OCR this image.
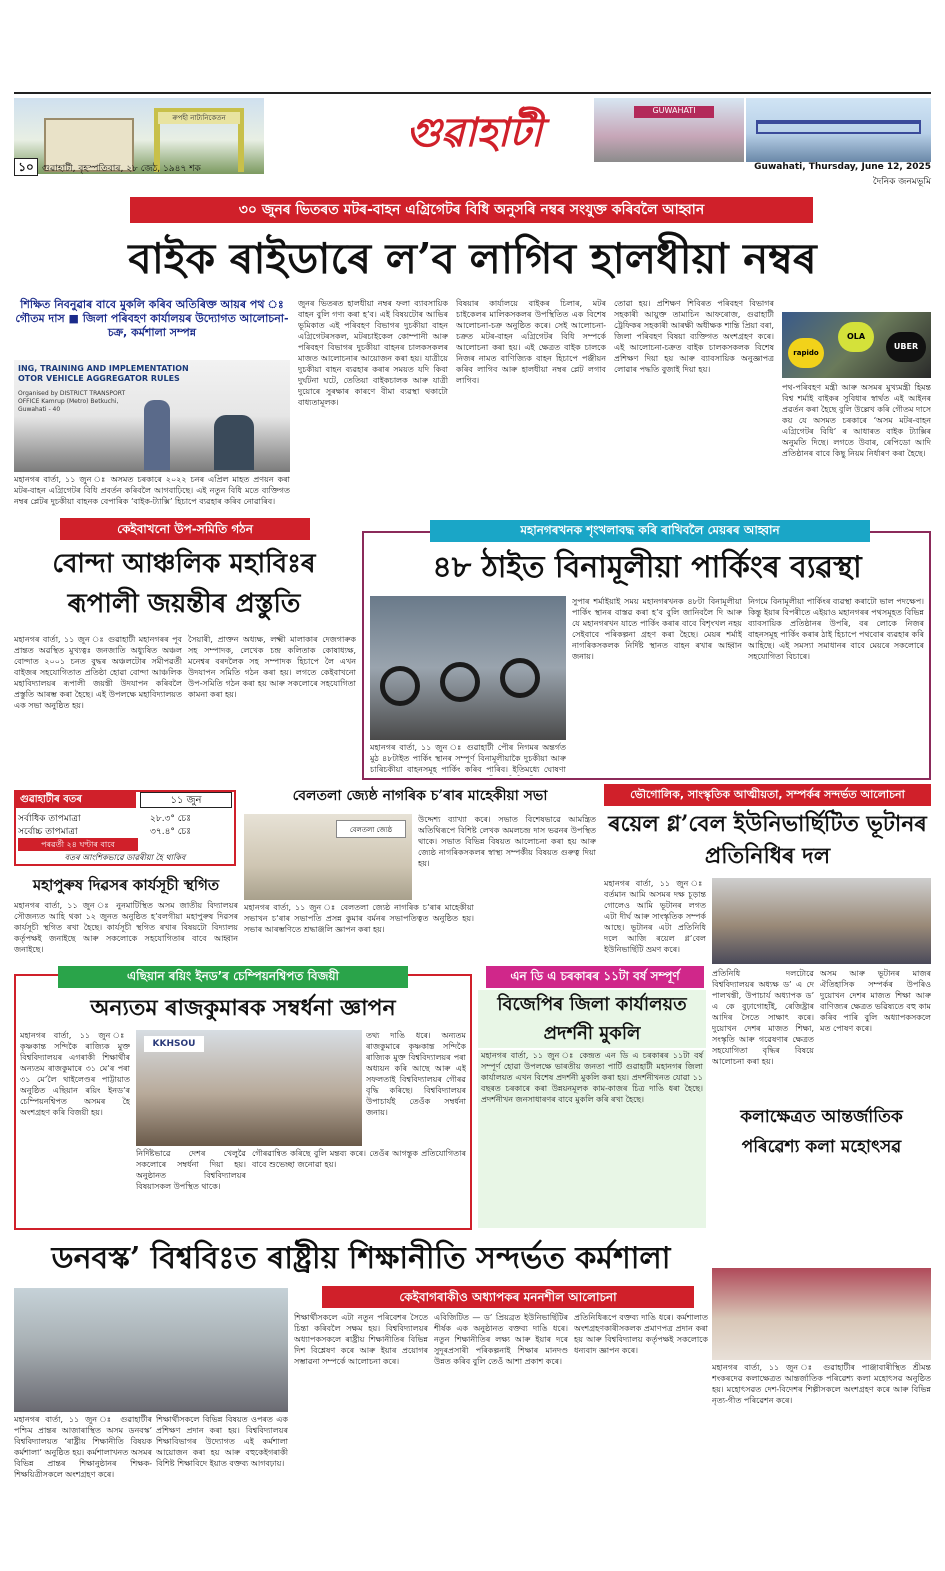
ৰুপহী নাট্যনিকেতন
১০ গুৱাহাটী, বৃহস্পতিবাৰ, ২৮ জেঠ, ১৯৪৭ শক
গুৱাহাটী	GUWAHATI
Guwahati, Thursday, June 12, 2025
দৈনিক জনমভূমি
৩০ জুনৰ ভিতৰত মটৰ-বাহন এগ্ৰিগেটৰ বিধি অনুসৰি নম্বৰ সংযুক্ত কৰিবলৈ আহ্বান
বাইক ৰাইডাৰে ল’ব লাগিব হালধীয়া নম্বৰ
শিক্ষিত নিবনুৱাৰ বাবে মুকলি কৰিব অতিৰিক্ত আয়ৰ পথ ঃ গৌতম দাস ■ জিলা পৰিবহণ কাৰ্যালয়ৰ উদ্যোগত আলোচনা-চক্ৰ, কৰ্মশালা সম্পন্ন
ING, TRAINING AND IMPLEMENTATION OTOR VEHICLE AGGREGATOR RULES
Organised by DISTRICT TRANSPORT OFFICE Kamrup (Metro) Betkuchi, Guwahati - 40
মহানগৰ বাৰ্তা, ১১ জুন ঃ অসমত চৰকাৰে ২০২২ চনৰ এপ্ৰিল মাহত প্ৰণয়ন কৰা মটৰ-বাহন এগ্ৰিগেটৰ বিধি প্ৰবৰ্তন কৰিবলৈ আগবাঢ়িছে। এই নতুন বিধি মতে ব্যক্তিগত নম্বৰ প্লেটৰ দুচকীয়া বাহনক বেপাৰিক ‘বাইক-ট্যাক্সি’ হিচাপে ব্যৱহাৰ কৰিব নোৱাৰিব।
জুনৰ ভিতৰত হালধীয়া নম্বৰ ফলা ব্যাবসায়িক বাহন বুলি গণ্য কৰা হ’ব। এই বিষয়টোৰ আভিৰ ভূমিকাত এই পৰিবহণ বিভাগৰ দুচকীয়া বাহন এগ্ৰিগেটৰসকল, মটৰচাইকেল কোম্পানী আৰু পৰিবহণ বিভাগৰ দুচকীয়া বাহনৰ চালকসকলৰ মাজত আলোচনাৰ আয়োজন কৰা হয়। যাত্ৰীয়ে দুচকীয়া বাহন ব্যৱহাৰ কৰাৰ সময়ত যদি কিবা দুৰ্ঘটনা ঘটে, তেতিয়া বাইকচালক আৰু যাত্ৰী দুয়োৰে সুৰক্ষাৰ কাৰণে বীমা ব্যৱস্থা থকাটো বাধ্যতামূলক।
বিষয়াৰ কাৰ্যালয়ে বাইকৰ চিলাৰ, মটৰ চাইকেলৰ মালিকসকলৰ উপস্থিতিত এক বিশেষ আলোচনা-চক্ৰ অনুষ্ঠিত কৰে। সেই আলোচনা-চক্ৰত মটৰ-বাহন এগ্ৰিগেটৰ বিধি সম্পৰ্কে আলোচনা কৰা হয়। এই ক্ষেত্ৰত বাইক চালকে নিজৰ নামত বাণিজ্যিক বাহন হিচাপে পঞ্জীয়ন কৰিব লাগিব আৰু হালধীয়া নম্বৰ প্লেট লগাব লাগিব।
তোৱা হয়। প্ৰশিক্ষণ শিবিৰত পৰিবহণ বিভাগৰ সহকাৰী আয়ুক্ত তামাচিন আফৰোজ, গুৱাহাটী ট্ৰেফিকৰ সহকাৰী আৰক্ষী অধীক্ষক শান্তি প্ৰিয়া বৰা, জিলা পৰিবহণ বিষয়া ব্যক্তিগত অংশগ্ৰহণ কৰে। এই আলোচনা-চক্ৰত বাইক চালকসকলক বিশেষ প্ৰশিক্ষণ দিয়া হয় আৰু ব্যাবসায়িক অনুজ্ঞাপত্ৰ লোৱাৰ পদ্ধতি বুজাই দিয়া হয়।
rapido
OLA
UBER
পথ-পৰিবহণ মন্ত্ৰী আৰু অসমৰ মুখ্যমন্ত্ৰী হিমন্ত বিশ্ব শৰ্মাই বাইকৰ সুবিধাৰ স্বাৰ্থত এই আইনৰ প্ৰৱৰ্তন কৰা হৈছে বুলি উল্লেখ কৰি গৌতম দাসে কয় যে অসমত চৰকাৰে ‘অসম মটৰ-বাহন এগ্ৰিগেটৰ বিধি’ ৰ আধাৰত বাইক ট্যাক্সিৰ অনুমতি দিছে। লগতে উবাৰ, ৰেপিডো আদি প্ৰতিষ্ঠানৰ বাবে কিছু নিয়ম নিৰ্ধাৰণ কৰা হৈছে।
মহানগৰখনক শৃংখলাবদ্ধ কৰি ৰাখিবলৈ মেয়ৰৰ আহ্বান
৪৮ ঠাইত বিনামূলীয়া পাৰ্কিংৰ ব্যৱস্থা
মহানগৰ বাৰ্তা, ১১ জুন ঃ গুৱাহাটী পৌৰ নিগমৰ অন্তৰ্গত মুঠ ৪৮টাইত পাৰ্কিং স্থানৰ সম্পূৰ্ণ বিনামূলীয়াকৈ দুচকীয়া আৰু চাৰিচকীয়া বাহনসমূহ পাৰ্কিং কৰিব পাৰিব। ইতিমধ্যে ঘোষণা
সুপাৰ শৰ্মাইয়াই সময় মহানগৰখনক ৪৮টা বিনামূলীয়া পাৰ্কিং স্থানৰ বাস্তৱ কৰা হ’ব বুলি জানিবলৈ দি আৰু যে মহানগৰখন যাতে পাৰ্কিং কৰাৰ বাবে বিশৃংখল নহয় সেইবাবে পৰিকল্পনা গ্ৰহণ কৰা হৈছে। মেয়ৰ শৰ্মাই নাগৰিকসকলক নিৰ্দিষ্ট স্থানত বাহন ৰখাৰ আহ্বান জনায়।
নিগমে বিনামূলীয়া পাৰ্কিংৰ ব্যৱস্থা কৰাটো ভাল পদক্ষেপ। কিন্তু ইয়াৰ বিপৰীতে এইয়াও মহানগৰৰ পথসমূহত বিভিন্ন ব্যাবসায়িক প্ৰতিষ্ঠানৰ উপৰি, বৰ লোকে নিজৰ বাহনসমূহ পাৰ্কিং কৰাৰ ঠাই হিচাপে পথবোৰ ব্যৱহাৰ কৰি আহিছে। এই সমস্যা সমাধানৰ বাবে মেয়ৰে সকলোৰে সহযোগিতা বিচাৰে।
কেইবাখনো উপ-সমিতি গঠন
বোন্দা আঞ্চলিক মহাবিঃৰ ৰূপালী জয়ন্তীৰ প্ৰস্তুতি
মহানগৰ বাৰ্তা, ১১ জুন ঃ গুৱাহাটী মহানগৰৰ পূব প্ৰান্তত অৱস্থিত মুখ্যত্বঃ জনজাতি অধ্যুষিত অঞ্চল বোন্দাত ২০০১ চনত বুদ্ধৰ অঞ্চলটোৰ সমীপৱৰ্তী বাইজৰ সহযোগিতাত প্ৰতিষ্ঠা হোৱা বোন্দা আঞ্চলিক মহাবিদ্যালয়ৰ ৰূপালী জয়ন্তী উদযাপন কৰিবলৈ প্ৰস্তুতি আৰম্ভ কৰা হৈছে। এই উপলক্ষে মহাবিদ্যালয়ত এক সভা অনুষ্ঠিত হয়।
সৈয়াৰী, প্ৰাক্তন অধ্যক্ষ, লক্ষ্মী মালাকাৰ দেজগাৰুক সহ সম্পাদক, লেখেক চন্দ্ৰ কলিতাক কোষাধ্যক্ষ, মনেশ্বৰ বৰদলৈক সহ সম্পাদক হিচাপে লৈ এখন উদযাপন সমিতি গঠন কৰা হয়। লগতে কেইবাখনো উপ-সমিতি গঠন কৰা হয় আৰু সকলোৰে সহযোগিতা কামনা কৰা হয়।
গুৱাহাটীৰ বতৰ	১১ জুন
সৰ্বাধিক তাপমাত্ৰা	২৮.৩° চেঃ
সৰ্বোচ্চ তাপমাত্ৰা	৩৭.৪° চেঃ
পৰৱৰ্তী ২৪ ঘণ্টাৰ বাবে
বতৰ আংশিকভাৱে ডাৱৰীয়া হৈ থাকিব
মহাপুৰুষ দিৱসৰ কাৰ্যসূচী স্থগিত
মহানগৰ বাৰ্তা, ১১ জুন ঃ নুনমাটিস্থিত অসম জাতীয় বিদ্যালয়ৰ সৌজন্যত আহি থকা ১২ জুনত অনুষ্ঠিত হ’বলগীয়া মহাপুৰুষ দিৱসৰ কাৰ্যসূচী স্থগিত ৰখা হৈছে। কাৰ্যসূচী স্থগিত ৰখাৰ বিষয়টো বিদ্যালয় কৰ্তৃপক্ষই জনাইছে আৰু সকলোকে সহযোগিতাৰ বাবে আহ্বান জনাইছে।
বেলতলা জ্যেষ্ঠ নাগৰিক চ’ৰাৰ মাহেকীয়া সভা
বেলতলা জ্যেষ্ঠ
মহানগৰ বাৰ্তা, ১১ জুন ঃ বেলতলা জ্যেষ্ঠ নাগৰিক চ’ৰাৰ মাহেকীয়া সভাখন চ’ৰাৰ সভাপতি প্ৰসন্ন কুমাৰ বৰ্মনৰ সভাপতিত্বত অনুষ্ঠিত হয়। সভাৰ আৰম্ভণিতে শ্ৰদ্ধাঞ্জলি জ্ঞাপন কৰা হয়।
উদ্দেশ্য ব্যাখ্যা কৰে। সভাত বিশেষভাৱে আমন্ত্ৰিত অতিথিৰূপে বিশিষ্ট লেখক অমলচন্দ্ৰ দাস ভৱনৰ উপস্থিত থাকে। সভাত বিভিন্ন বিষয়ত আলোচনা কৰা হয় আৰু জ্যেষ্ঠ নাগৰিকসকলৰ স্বাস্থ্য সম্পৰ্কীয় বিষয়ত গুৰুত্ব দিয়া হয়।
ভৌগোলিক, সাংস্কৃতিক আত্মীয়তা, সম্পৰ্কৰ সন্দৰ্ভত আলোচনা
ৰয়েল গ্ল’বেল ইউনিভাৰ্ছিটিত ভূটানৰ প্ৰতিনিধিৰ দল
মহানগৰ বাৰ্তা, ১১ জুন ঃ বৰ্তমান আমি অসমৰ দক্ষ চূড়ান্ত গোলেও আমি ভূটানৰ লগত এটা দীৰ্ঘ আৰু সাংস্কৃতিক সম্পৰ্ক আছে। ভূটানৰ এটা প্ৰতিনিধি দলে আজি ৰয়েল গ্ল’বেল ইউনিভাৰ্ছিটি ভ্ৰমণ কৰে।
প্ৰতিনিধি দলটোৱে বিশ্ববিদ্যালয়ৰ অধ্যক্ষ ড’ এ দে পালখন্তী, উপাচাৰ্য অধ্যাপক ড’ এ কে বুঢ়াগোহাঁই, ৰেজিষ্ট্ৰাৰ আদিৰ সৈতে সাক্ষাৎ কৰে। দুয়োখন দেশৰ মাজত শিক্ষা, সংস্কৃতি আৰু গৱেষণাৰ ক্ষেত্ৰত সহযোগিতা বৃদ্ধিৰ বিষয়ে আলোচনা কৰা হয়।
অসম আৰু ভূটানৰ মাজৰ ঐতিহাসিক সম্পৰ্কৰ উপৰিও দুয়োখন দেশৰ মাজত শিক্ষা আৰু বাণিজ্যৰ ক্ষেত্ৰত ভৱিষ্যতে বহু কাম কৰিব পাৰি বুলি অধ্যাপকসকলে মত পোষণ কৰে।
এছিয়ান ৰয়িং ইনড’ৰ চেম্পিয়নশ্বিপত বিজয়ী
অন্যতম ৰাজকুমাৰক সম্বৰ্ধনা জ্ঞাপন
মহানগৰ বাৰ্তা, ১১ জুন ঃ কৃষ্ণকান্ত সন্দিকৈ ৰাজ্যিক মুক্ত বিশ্ববিদ্যালয়ৰ এগৰাকী শিক্ষাৰ্থীৰ অন্যতম ৰাজকুমাৰে ৩১ মে’ৰ পৰা ৩১ মে’লৈ থাইলেণ্ডৰ পাট্টায়াত অনুষ্ঠিত এছিয়ান ৰয়িং ইনড’ৰ চেম্পিয়নশ্বিপত অসমৰ হৈ অংশগ্ৰহণ কৰি বিজয়ী হয়।
KKHSOU
তথ্য দাঙি ধৰে। অন্যতম ৰাজকুমাৰে কৃষ্ণকান্ত সন্দিকৈ ৰাজ্যিক মুক্ত বিশ্ববিদ্যালয়ৰ পৰা অধ্যয়ন কৰি আছে আৰু এই সফলতাই বিশ্ববিদ্যালয়ৰ গৌৰৱ বৃদ্ধি কৰিছে। বিশ্ববিদ্যালয়ৰ উপাচাৰ্যই তেওঁক সম্বৰ্ধনা জনায়।
নিৰ্দিষ্টভাৱে দেশৰ খেলুৱৈ সকলোৰে সম্বৰ্ধনা দিয়া হয়। অনুষ্ঠানত বিশ্ববিদ্যালয়ৰ বিষয়াসকল উপস্থিত থাকে।
গৌৰৱান্বিত কৰিছে বুলি মন্তব্য কৰে। তেওঁৰ আগন্তুক প্ৰতিযোগিতাৰ বাবে শুভেচ্ছা জনোৱা হয়।
এন ডি এ চৰকাৰৰ ১১টা বৰ্ষ সম্পূৰ্ণ
বিজেপিৰ জিলা কাৰ্যালয়ত প্ৰদৰ্শনী মুকলি
মহানগৰ বাৰ্তা, ১১ জুন ঃ কেন্দ্ৰত এন ডি এ চৰকাৰৰ ১১টা বৰ্ষ সম্পূৰ্ণ হোৱা উপলক্ষে ভাৰতীয় জনতা পাৰ্টি গুৱাহাটী মহানগৰ জিলা কাৰ্যালয়ত এখন বিশেষ প্ৰদৰ্শনী মুকলি কৰা হয়। প্ৰদৰ্শনীখনত যোৱা ১১ বছৰত চৰকাৰে কৰা উন্নয়নমূলক কাম-কাজৰ চিত্ৰ দাঙি ধৰা হৈছে। প্ৰদৰ্শনীখন জনসাধাৰণৰ বাবে মুকলি কৰি ৰখা হৈছে।
কলাক্ষেত্ৰত আন্তৰ্জাতিক পৰিৱেশ্য কলা মহোৎসৱ
মহানগৰ বাৰ্তা, ১১ জুন ঃ গুৱাহাটীৰ পাঞ্জাবাৰীস্থিত শ্ৰীমন্ত শংকৰদেৱ কলাক্ষেত্ৰত আন্তৰ্জাতিক পৰিৱেশ্য কলা মহোৎসৱ অনুষ্ঠিত হয়। মহোৎসৱত দেশ-বিদেশৰ শিল্পীসকলে অংশগ্ৰহণ কৰে আৰু বিভিন্ন নৃত্য-গীত পৰিৱেশন কৰে।
ডনবস্ক’ বিশ্ববিঃত ৰাষ্ট্ৰীয় শিক্ষানীতি সন্দৰ্ভত কৰ্মশালা
কেইবাগৰাকীও অধ্যাপকৰ মননশীল আলোচনা
মহানগৰ বাৰ্তা, ১১ জুন ঃ গুৱাহাটীৰ পশ্চিম প্ৰান্তৰ আজাৰাস্থিত অসম ডনবস্ক’ বিশ্ববিদ্যালয়ত ‘ৰাষ্ট্ৰীয় শিক্ষানীতি বিষয়ক কৰ্মশালা’ অনুষ্ঠিত হয়। কৰ্মশালাখনত অসমৰ বিভিন্ন প্ৰান্তৰ শিক্ষানুষ্ঠানৰ শিক্ষক-শিক্ষয়িত্ৰীসকলে অংশগ্ৰহণ কৰে।
শিক্ষাৰ্থীসকলে বিভিন্ন বিষয়ত ওপৰত এক প্ৰশিক্ষণ প্ৰদান কৰা হয়। বিশ্ববিদ্যালয়ৰ শিক্ষাবিভাগৰ উদ্যোগত এই কৰ্মশালা আয়োজন কৰা হয় আৰু বহুকেইগৰাকী বিশিষ্ট শিক্ষাবিদে ইয়াত বক্তব্য আগবঢ়ায়।
শিক্ষাৰ্থীসকলে এটা নতুন পৰিবেশৰ সৈতে চিন্তা কৰিবলৈ সক্ষম হয়। বিশ্ববিদ্যালয়ৰ অধ্যাপকসকলে ৰাষ্ট্ৰীয় শিক্ষানীতিৰ বিভিন্ন দিশ বিশ্লেষণ কৰে আৰু ইয়াৰ প্ৰয়োগৰ সম্ভাৱনা সম্পৰ্কে আলোচনা কৰে।
এবিজিটিত — ড’ প্ৰিয়ব্ৰত ইউনিভাৰ্ছিটিৰ শীৰ্ষক এক অনুষ্ঠানত বক্তব্য দাঙি ধৰে। নতুন শিক্ষানীতিৰ লক্ষ্য আৰু ইয়াৰ দৰে সুদূৰপ্ৰসাৰী পৰিকল্পনাই শিক্ষাৰ মানদণ্ড উন্নত কৰিব বুলি তেওঁ আশা প্ৰকাশ কৰে।
প্ৰতিনিধিৰূপে বক্তব্য দাঙি ধৰে। কৰ্মশালাত অংশগ্ৰহণকাৰীসকলক প্ৰমাণপত্ৰ প্ৰদান কৰা হয় আৰু বিশ্ববিদ্যালয় কৰ্তৃপক্ষই সকলোকে ধন্যবাদ জ্ঞাপন কৰে।
